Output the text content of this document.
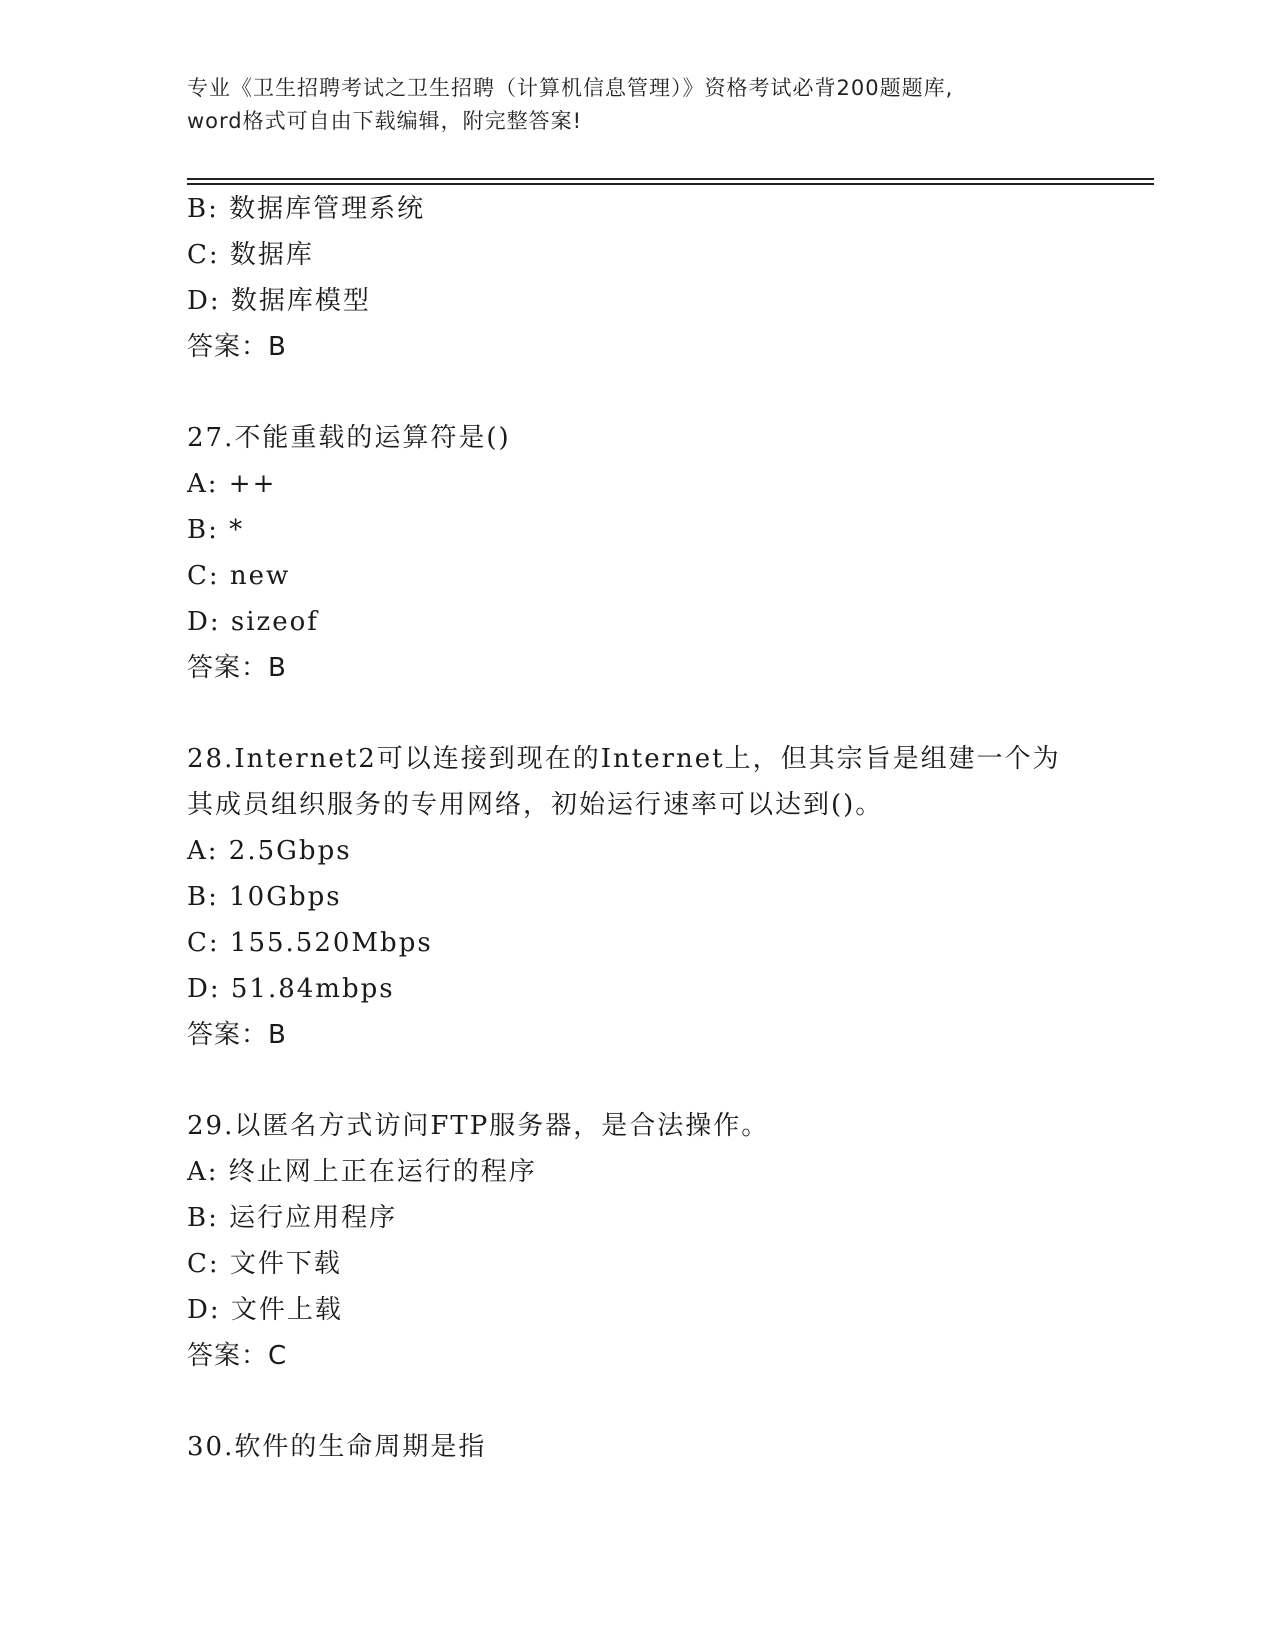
专业《卫生招聘考试之卫生招聘（计算机信息管理）》资格考试必背200题题库,
word格式可自由下载编辑，附完整答案!
B: 数据库管理系统
C: 数据库
D: 数据库模型
答案：B
27.不能重载的运算符是()
A: ++
B: *
C: new
D: sizeof
答案：B
28.Internet2可以连接到现在的Internet上，但其宗旨是组建一个为
其成员组织服务的专用网络，初始运行速率可以达到()。
A: 2.5Gbps
B: 10Gbps
C: 155.520Mbps
D: 51.84mbps
答案：B
29.以匿名方式访问FTP服务器，是合法操作。
A: 终止网上正在运行的程序
B: 运行应用程序
C: 文件下载
D: 文件上载
答案：C
30.软件的生命周期是指
